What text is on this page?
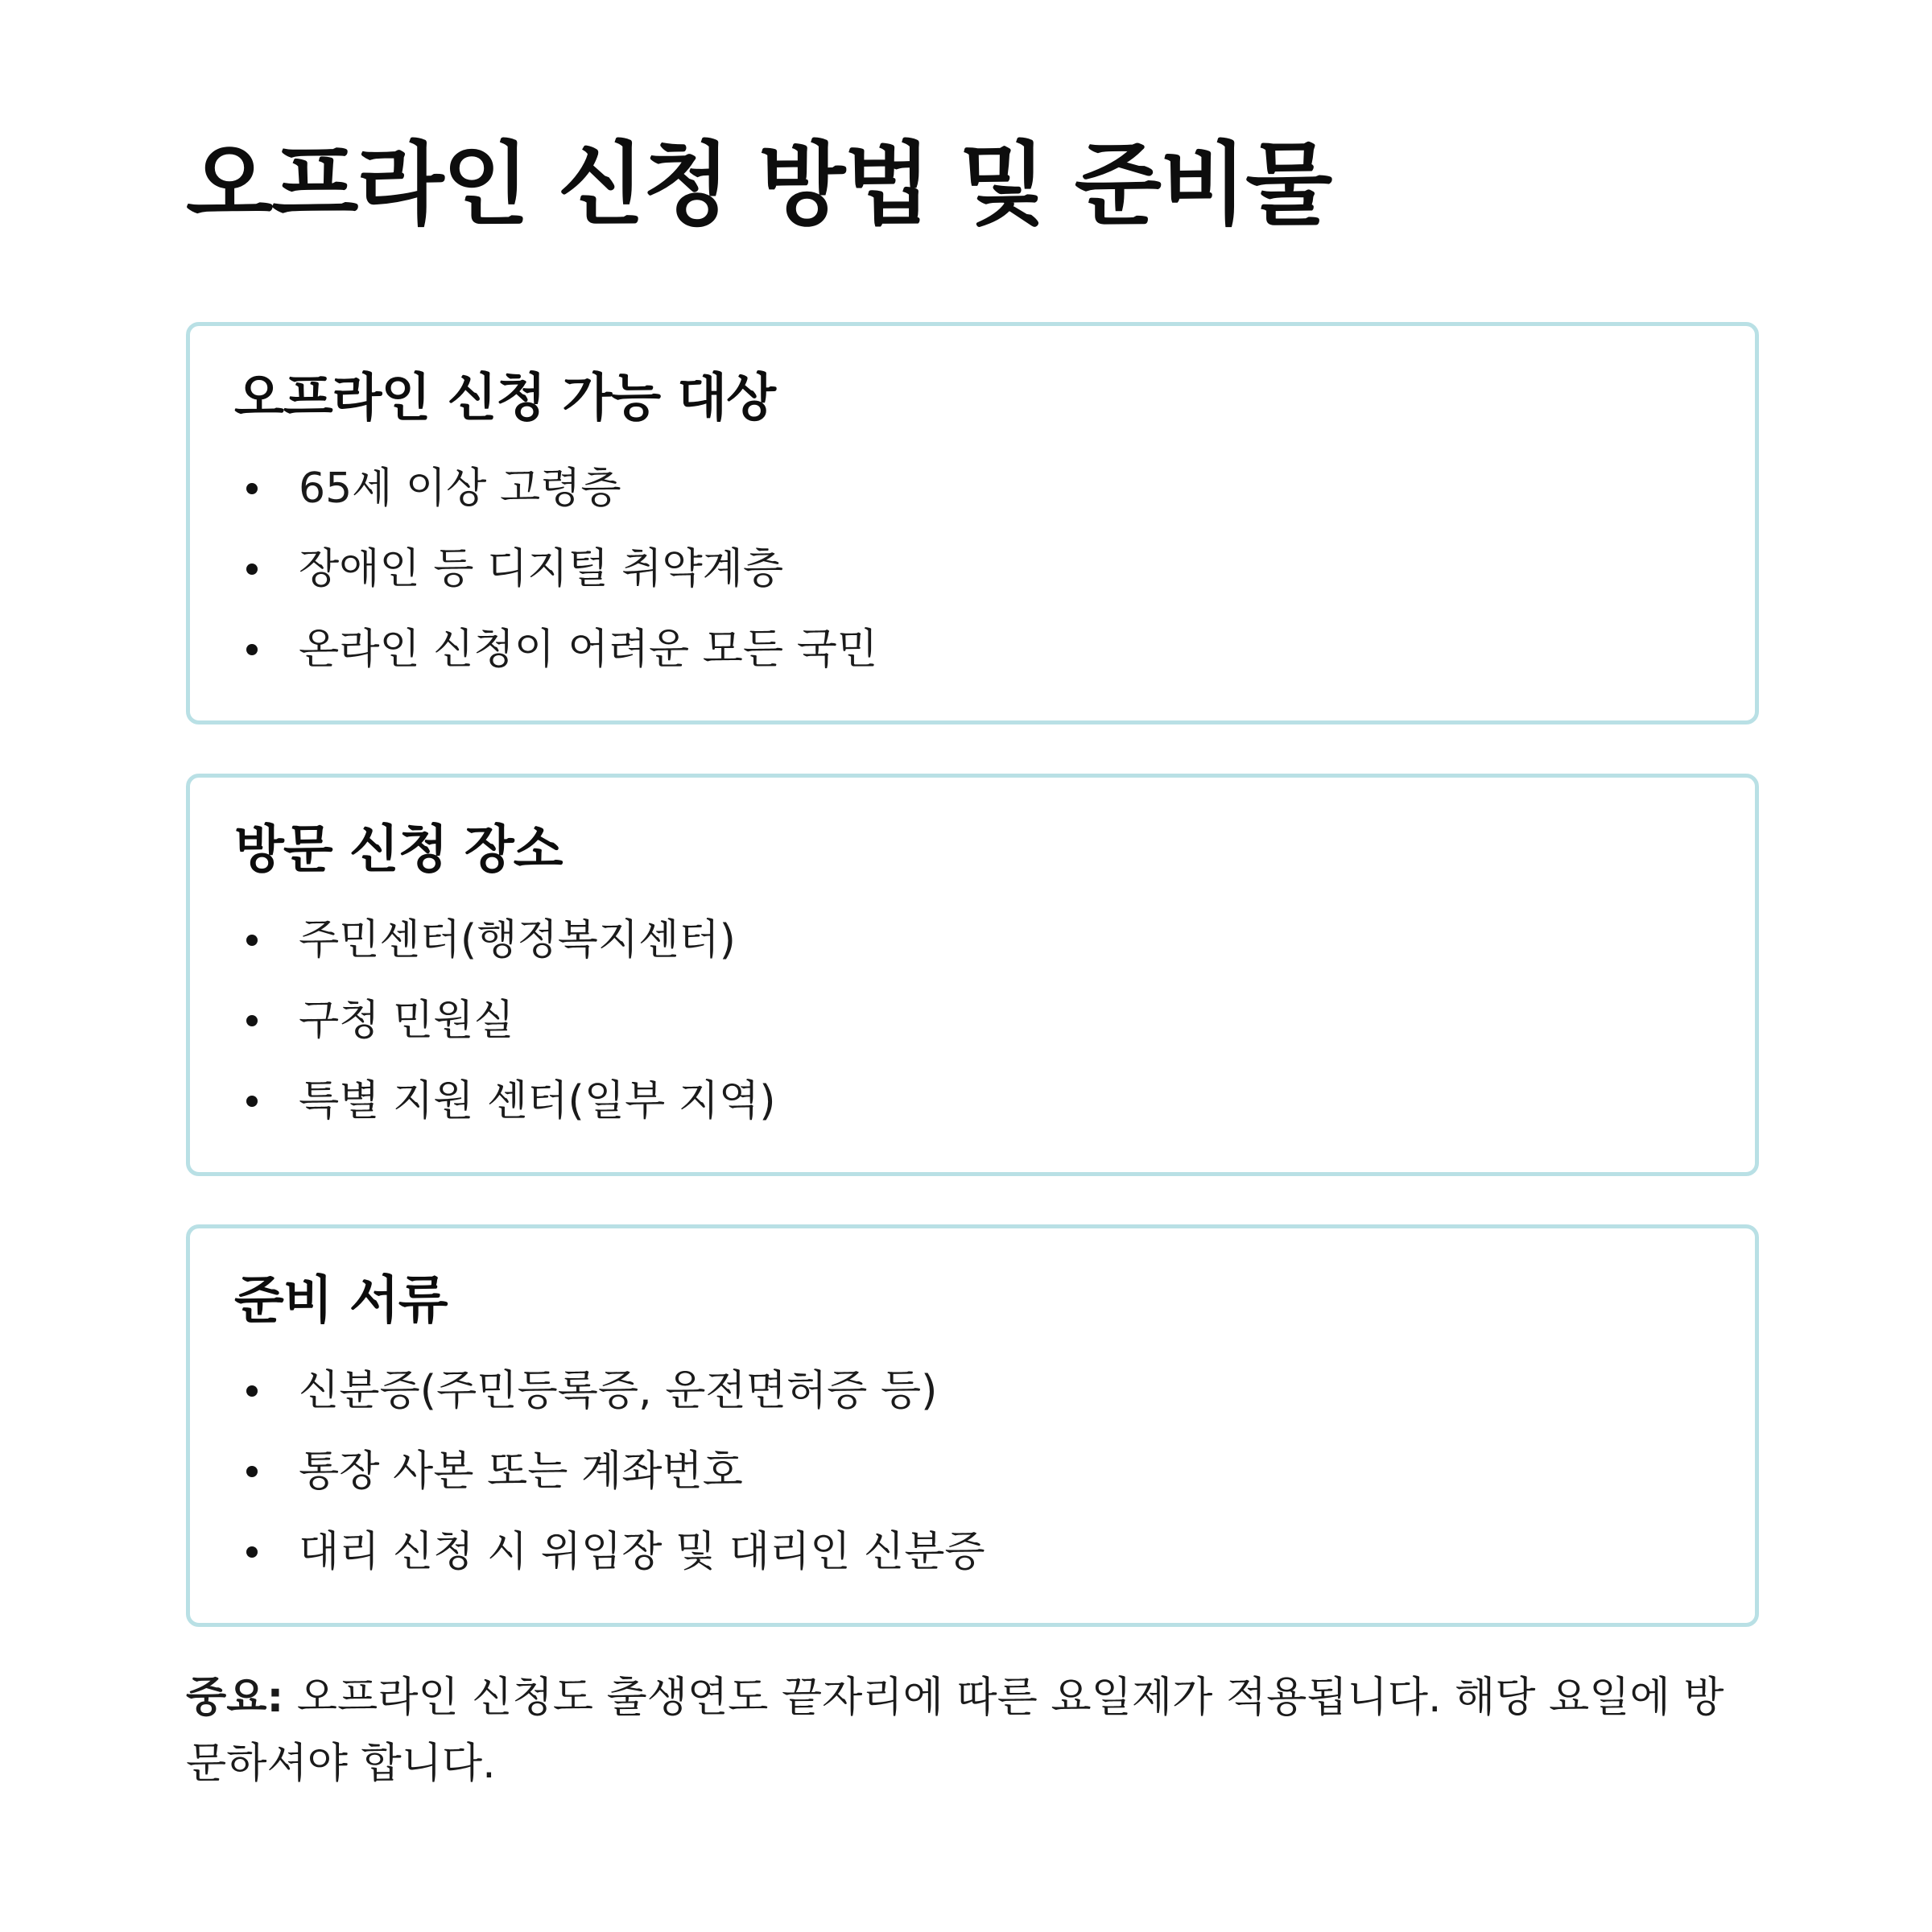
오프라인 신청 방법 및 준비물
오프라인 신청 가능 대상
65세 이상 고령층
장애인 등 디지털 취약계층
온라인 신청이 어려운 모든 국민
방문 신청 장소
주민센터(행정복지센터)
구청 민원실
특별 지원 센터(일부 지역)
준비 서류
신분증(주민등록증, 운전면허증 등)
통장 사본 또는 계좌번호
대리 신청 시 위임장 및 대리인 신분증

중요: 오프라인 신청도 출생연도 끝자리에 따른 요일제가 적용됩니다. 해당 요일에 방문하셔야 합니다.
